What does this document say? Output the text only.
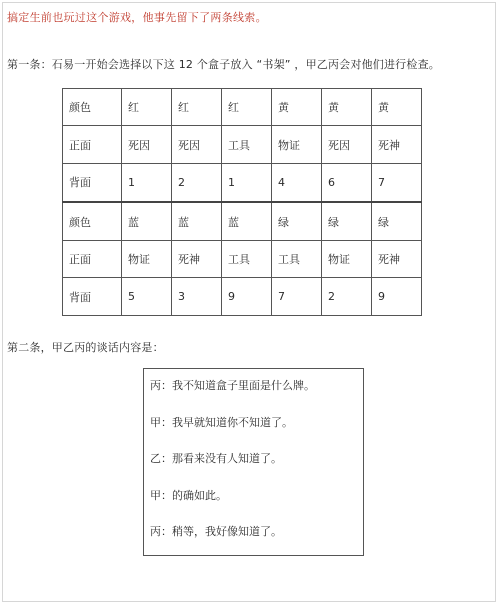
搞定生前也玩过这个游戏，他事先留下了两条线索。
第一条：石易一开始会选择以下这 12 个盒子放入 “书架” ，甲乙丙会对他们进行检查。
颜色	红	红	红	黄	黄	黄
正面	死因	死因	工具	物证	死因	死神
背面	1	2	1	4	6	7
颜色	蓝	蓝	蓝	绿	绿	绿
正面	物证	死神	工具	工具	物证	死神
背面	5	3	9	7	2	9
第二条，甲乙丙的谈话内容是：
丙：我不知道盒子里面是什么牌。
甲：我早就知道你不知道了。
乙：那看来没有人知道了。
甲：的确如此。
丙：稍等，我好像知道了。
